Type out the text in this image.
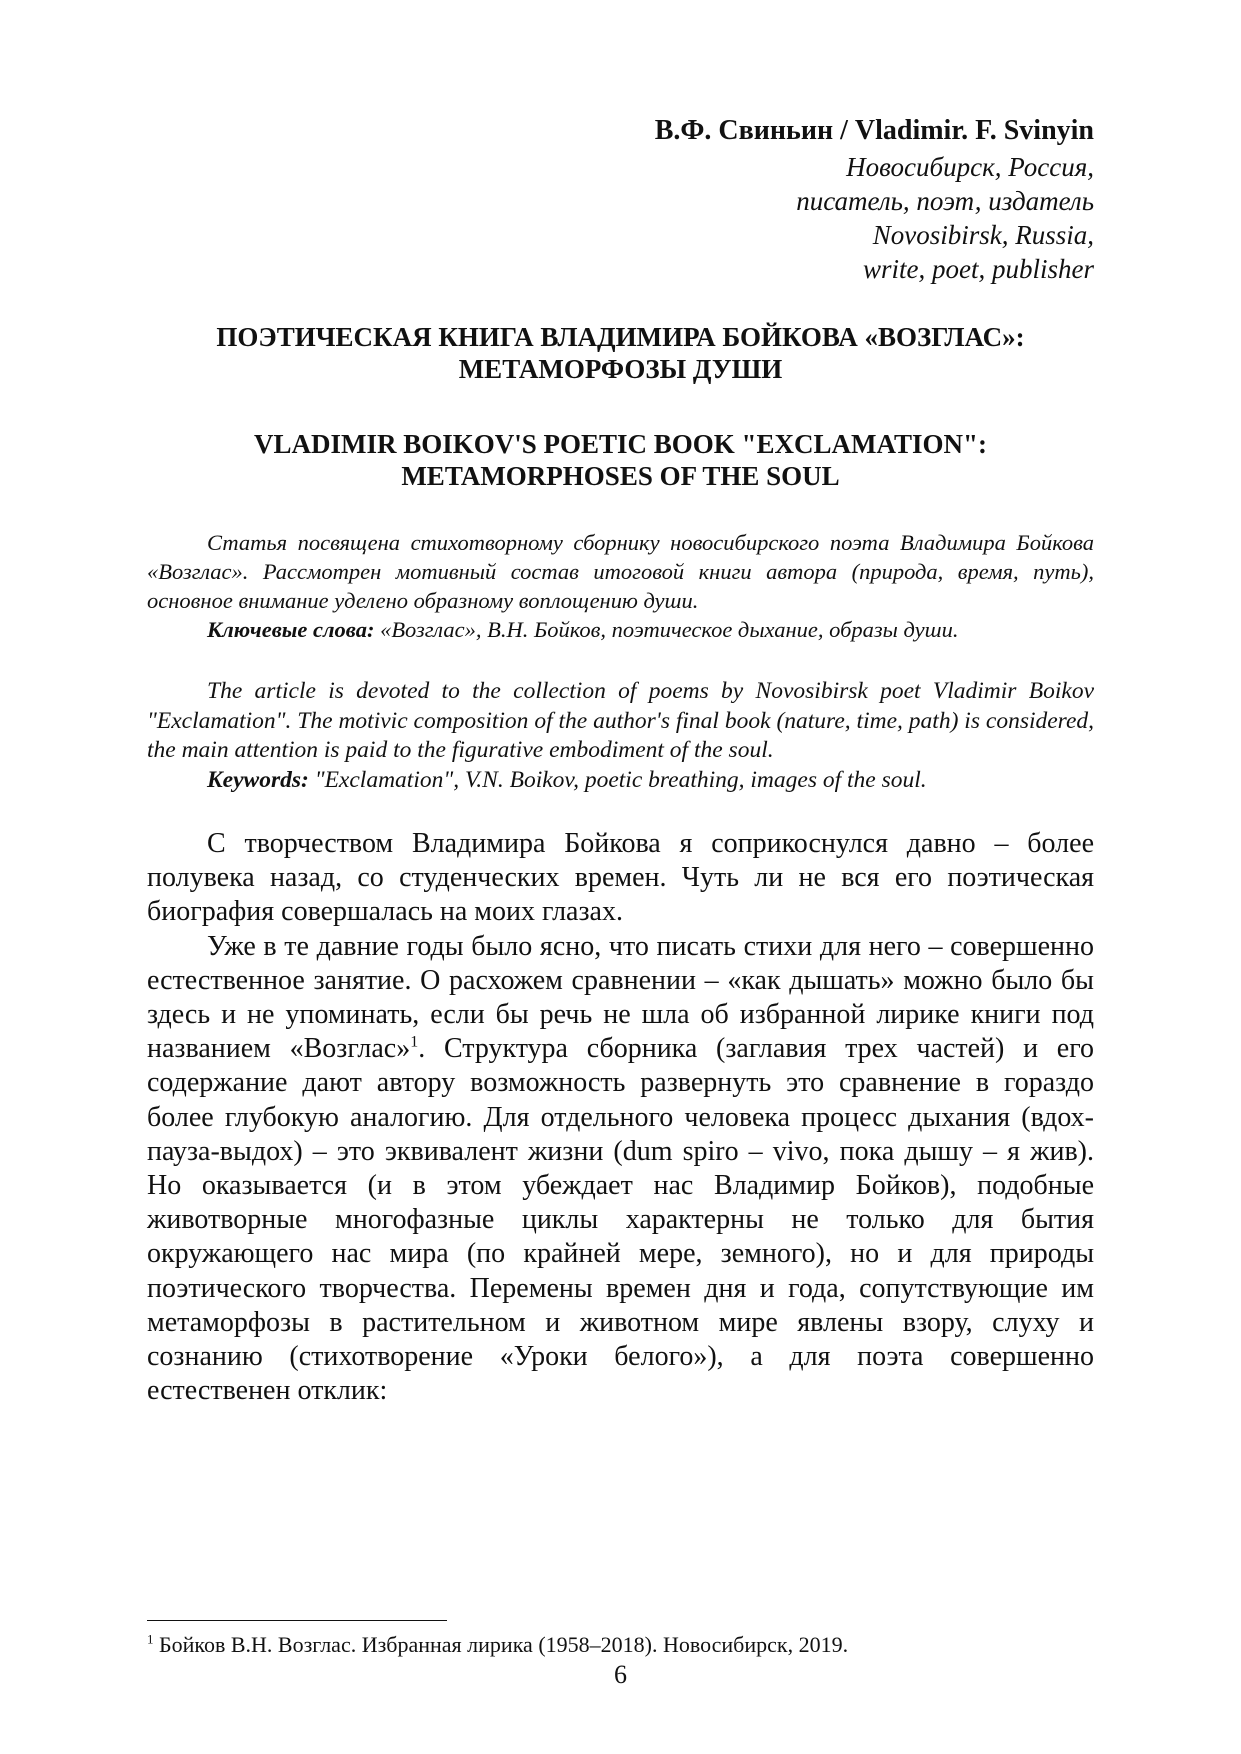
В.Ф. Свиньин / Vladimir. F. Svinyin
Новосибирск, Россия,
писатель, поэт, издатель
Novosibirsk, Russia,
write, poet, publisher
ПОЭТИЧЕСКАЯ КНИГА ВЛАДИМИРА БОЙКОВА «ВОЗГЛАС»:
МЕТАМОРФОЗЫ ДУШИ
VLADIMIR BOIKOV'S POETIC BOOK "EXCLAMATION":
METAMORPHOSES OF THE SOUL

Статья посвящена стихотворному сборнику новосибирского поэта Владимира Бойкова «Возглас». Рассмотрен мотивный состав итоговой книги автора (природа, время, путь), основное внимание уделено образному воплощению души.

Ключевые слова: «Возглас», В.Н. Бойков, поэтическое дыхание, образы души.

The article is devoted to the collection of poems by Novosibirsk poet Vladimir Boikov "Exclamation". The motivic composition of the author's final book (nature, time, path) is considered, the main attention is paid to the figurative embodiment of the soul.

Keywords: "Exclamation", V.N. Boikov, poetic breathing, images of the soul.

С творчеством Владимира Бойкова я соприкоснулся давно – более полувека назад, со студенческих времен. Чуть ли не вся его поэтическая биография совершалась на моих глазах.

Уже в те давние годы было ясно, что писать стихи для него – совершенно естественное занятие. О расхожем сравнении – «как дышать» можно было бы здесь и не упоминать, если бы речь не шла об избранной лирике книги под названием «Возглас»$^1$. Структура сборника (заглавия трех частей) и его содержание дают автору возможность развернуть это сравнение в гораздо более глубокую аналогию. Для отдельного человека процесс дыхания (вдох-пауза-выдох) – это эквивалент жизни (dum spiro – vivo, пока дышу – я жив). Но оказывается (и в этом убеждает нас Владимир Бойков), подобные животворные многофазные циклы характерны не только для бытия окружающего нас мира (по крайней мере, земного), но и для природы поэтического творчества. Перемены времен дня и года, сопутствующие им метаморфозы в растительном и животном мире явлены взору, слуху и сознанию (стихотворение «Уроки белого»), а для поэта совершенно естественен отклик:

$^1$ Бойков В.Н. Возглас. Избранная лирика (1958–2018). Новосибирск, 2019.
6
